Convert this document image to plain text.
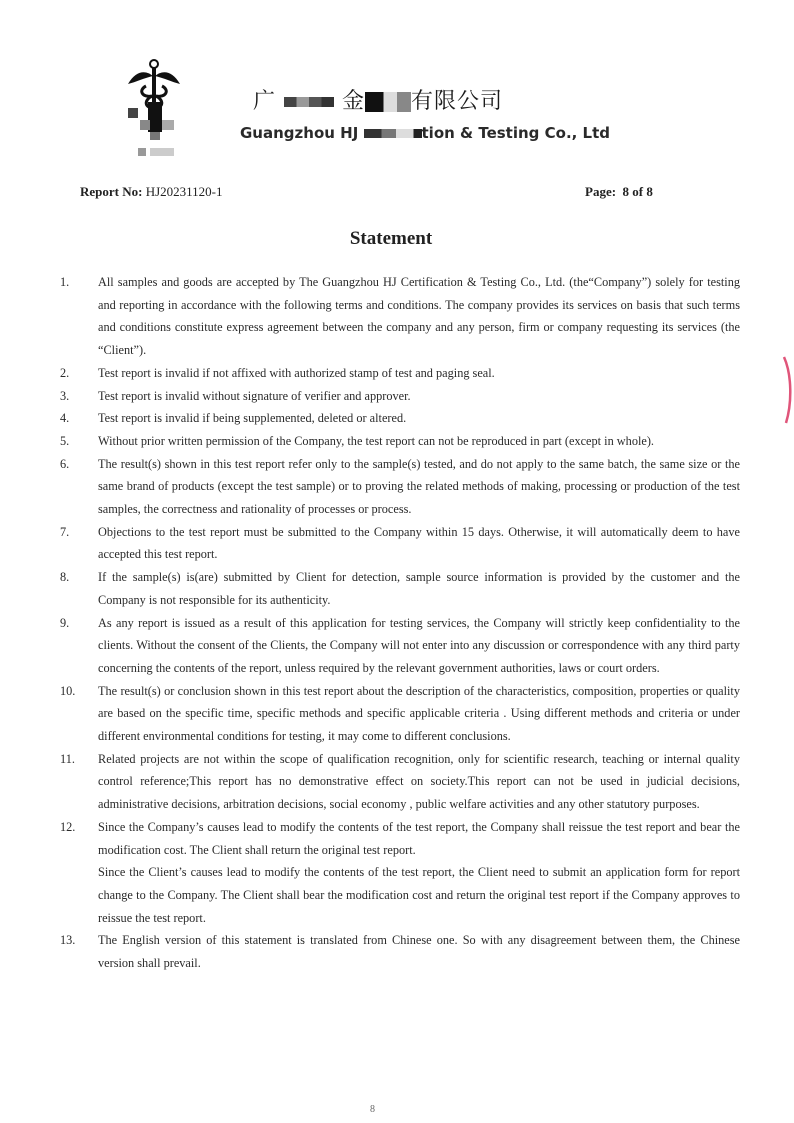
广	金 有限公司
Guangzhou HJ	tion & Testing Co., Ltd
Report No: HJ20231120-1	Page: 8 of 8
Statement
1. All samples and goods are accepted by The Guangzhou HJ Certification & Testing Co., Ltd. (the“Company”) solely for testing and reporting in accordance with the following terms and conditions. The company provides its services on basis that such terms and conditions constitute express agreement between the company and any person, firm or company requesting its services (the “Client”).

2. Test report is invalid if not affixed with authorized stamp of test and paging seal.

3. Test report is invalid without signature of verifier and approver.

4. Test report is invalid if being supplemented, deleted or altered.

5. Without prior written permission of the Company, the test report can not be reproduced in part (except in whole).

6. The result(s) shown in this test report refer only to the sample(s) tested, and do not apply to the same batch, the same size or the same brand of products (except the test sample) or to proving the related methods of making, processing or production of the test samples, the correctness and rationality of processes or process.

7. Objections to the test report must be submitted to the Company within 15 days. Otherwise, it will automatically deem to have accepted this test report.

8. If the sample(s) is(are) submitted by Client for detection, sample source information is provided by the customer and the Company is not responsible for its authenticity.

9. As any report is issued as a result of this application for testing services, the Company will strictly keep confidentiality to the clients. Without the consent of the Clients, the Company will not enter into any discussion or correspondence with any third party concerning the contents of the report, unless required by the relevant government authorities, laws or court orders.

10. The result(s) or conclusion shown in this test report about the description of the characteristics, composition, properties or quality are based on the specific time, specific methods and specific applicable criteria . Using different methods and criteria or under different environmental conditions for testing, it may come to different conclusions.

11. Related projects are not within the scope of qualification recognition, only for scientific research, teaching or internal quality control reference;This report has no demonstrative effect on society.This report can not be used in judicial decisions, administrative decisions, arbitration decisions, social economy , public welfare activities and any other statutory purposes.

12. Since the Company’s causes lead to modify the contents of the test report, the Company shall reissue the test report and bear the modification cost. The Client shall return the original test report.

Since the Client’s causes lead to modify the contents of the test report, the Client need to submit an application form for report change to the Company. The Client shall bear the modification cost and return the original test report if the Company approves to reissue the test report.

13. The English version of this statement is translated from Chinese one. So with any disagreement between them, the Chinese version shall prevail.

8
